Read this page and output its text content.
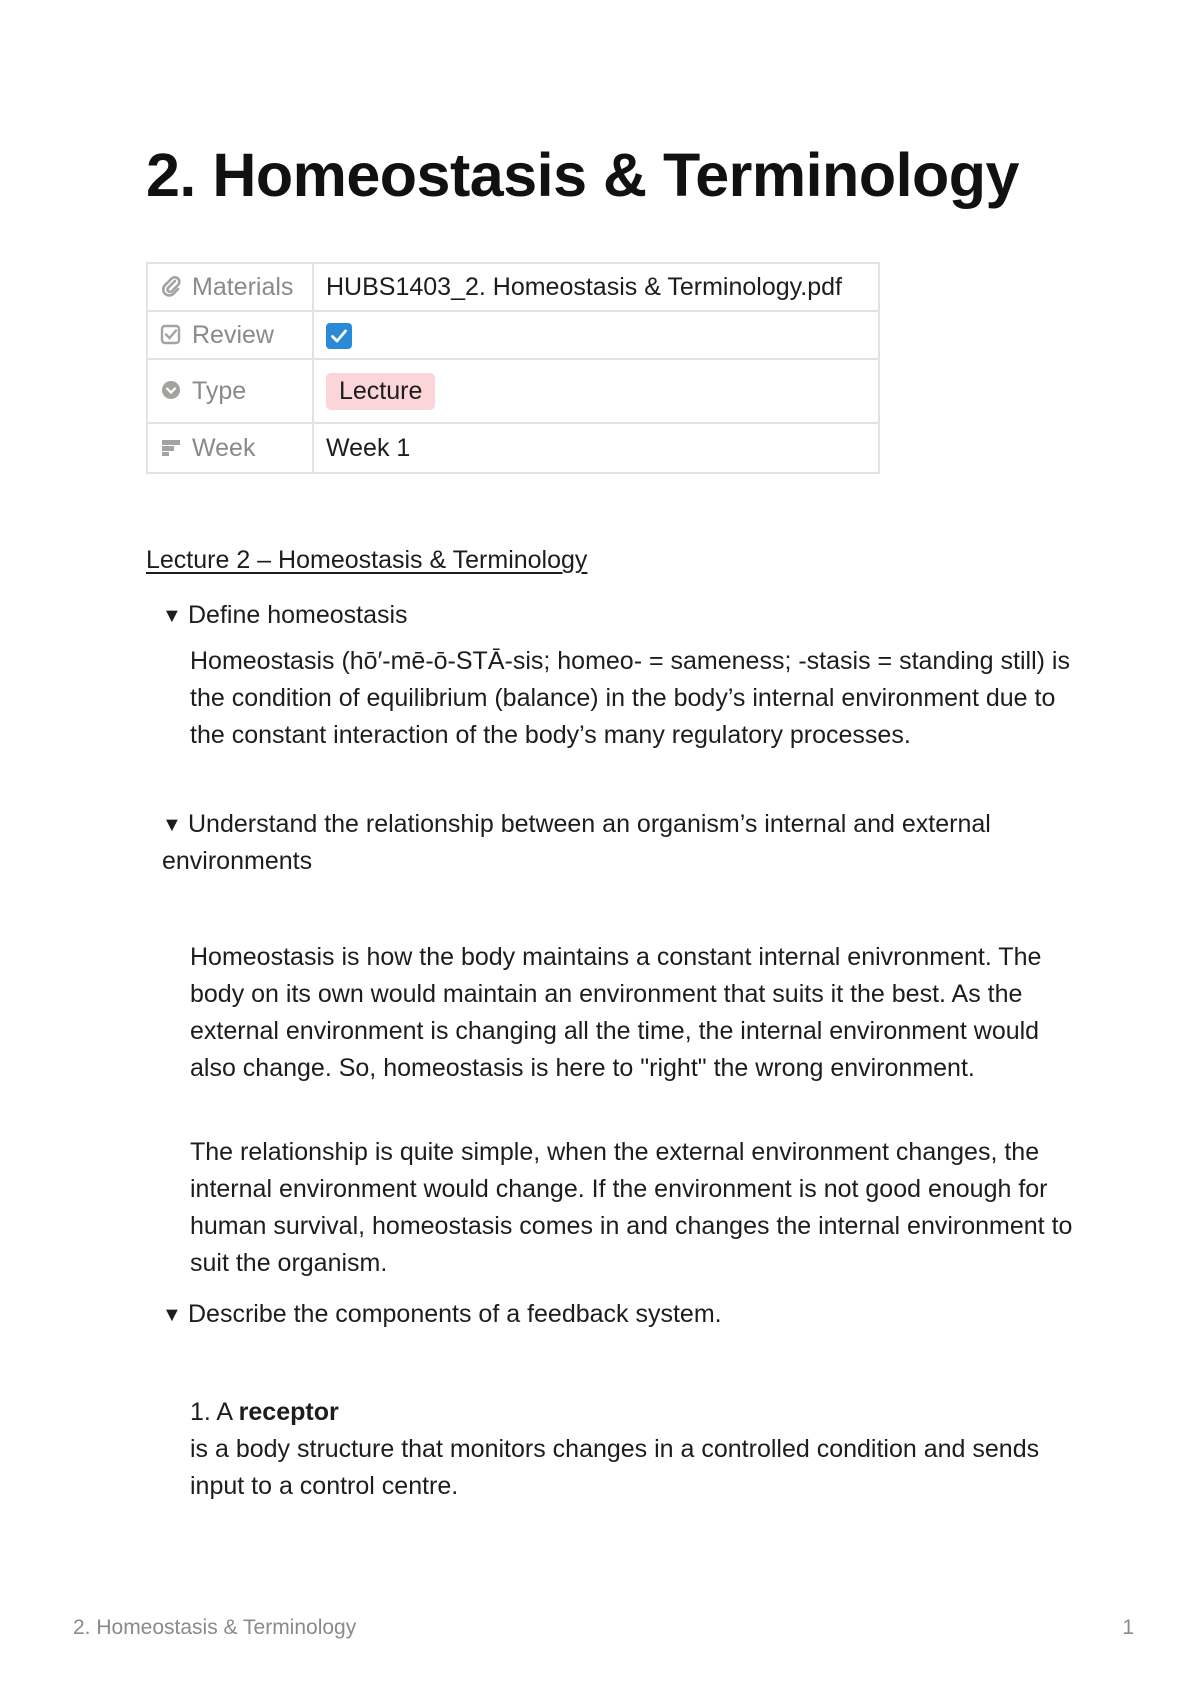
2. Homeostasis & Terminology
Materials	HUBS1403_2. Homeostasis & Terminology.pdf

Review	

Type	Lecture

Week	Week 1
Lecture 2 – Homeostasis & Terminology
▼ Define homeostasis

Homeostasis (hō′-mē-ō-STĀ-sis; homeo- = sameness; -stasis = standing still) is the condition of equilibrium (balance) in the body’s internal environment due to the constant interaction of the body’s many regulatory processes.

▼ Understand the relationship between an organism’s internal and external environments

Homeostasis is how the body maintains a constant internal enivronment. The body on its own would maintain an environment that suits it the best. As the external environment is changing all the time, the internal environment would also change. So, homeostasis is here to "right" the wrong environment.

The relationship is quite simple, when the external environment changes, the internal environment would change. If the environment is not good enough for human survival, homeostasis comes in and changes the internal environment to suit the organism.

▼ Describe the components of a feedback system.
1. A receptor
is a body structure that monitors changes in a controlled condition and sends input to a control centre.
2. Homeostasis & Terminology	1
